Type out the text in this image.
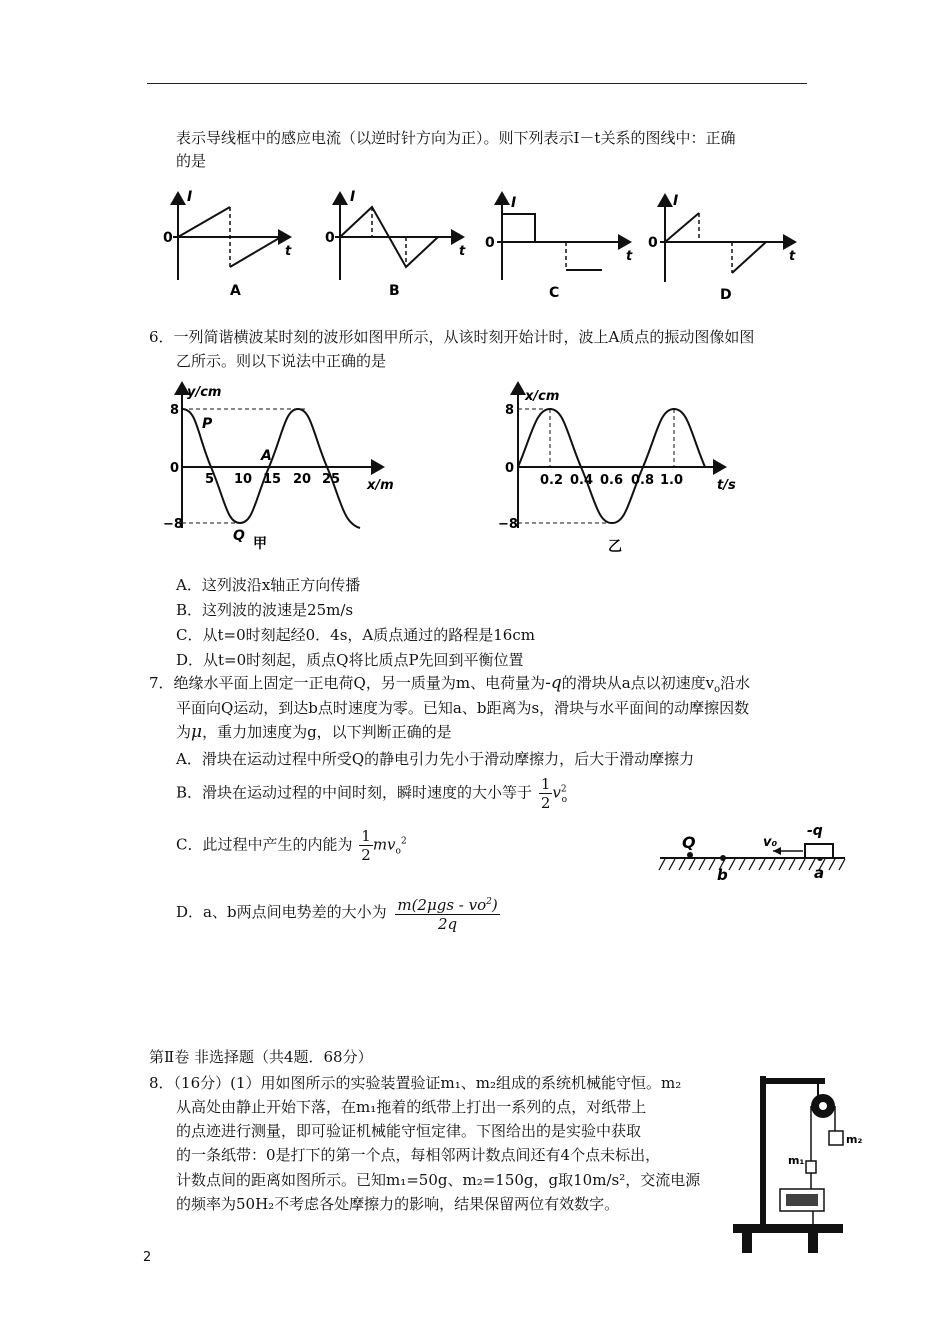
表示导线框中的感应电流（以逆时针方向为正）。则下列表示I－t关系的图线中：正确
的是
I
0
t
A
I
0
t
B
I
0
t
C
I
0
t
D
6．一列简谐横波某时刻的波形如图甲所示，从该时刻开始计时，波上A质点的振动图像如图
乙所示。则以下说法中正确的是
y/cm
8
0
−8
5 10 15 20 25 x/m
P
A
Q 甲
x/cm
8
0
−8
0.2 0.4 0.6 0.8 1.0	t/s
乙
A．这列波沿x轴正方向传播
B．这列波的波速是25m/s
C．从t=0时刻起经0．4s，A质点通过的路程是16cm
D．从t=0时刻起，质点Q将比质点P先回到平衡位置
7．绝缘水平面上固定一正电荷Q，另一质量为m、电荷量为-q的滑块从a点以初速度$v_o$沿水
平面向Q运动，到达b点时速度为零。已知a、b距离为s，滑块与水平面间的动摩擦因数
为μ，重力加速度为g，以下判断正确的是
A．滑块在运动过程中所受Q的静电引力先小于滑动摩擦力，后大于滑动摩擦力
B．滑块在运动过程的中间时刻，瞬时速度的大小等于 $\frac{1}{2} v^2_o$
C．此过程中产生的内能为 $\frac{1}{2} mv_o^2$
D．a、b两点间电势差的大小为 $\frac{m(2\mu gs - vo^2)}{2q}$
Q
b	a
v₀
-q
第Ⅱ卷 非选择题（共4题．68分）
8．（16分）(1）用如图所示的实验装置验证m₁、m₂组成的系统机械能守恒。m₂
从高处由静止开始下落，在m₁拖着的纸带上打出一系列的点，对纸带上
的点迹进行测量，即可验证机械能守恒定律。下图给出的是实验中获取
的一条纸带：0是打下的第一个点，每相邻两计数点间还有4个点未标出，
计数点间的距离如图所示。已知m₁=50g、m₂=150g，g取10m/s²，交流电源
的频率为50H₂不考虑各处摩擦力的影响，结果保留两位有效数字。
m₂
m₁
2
